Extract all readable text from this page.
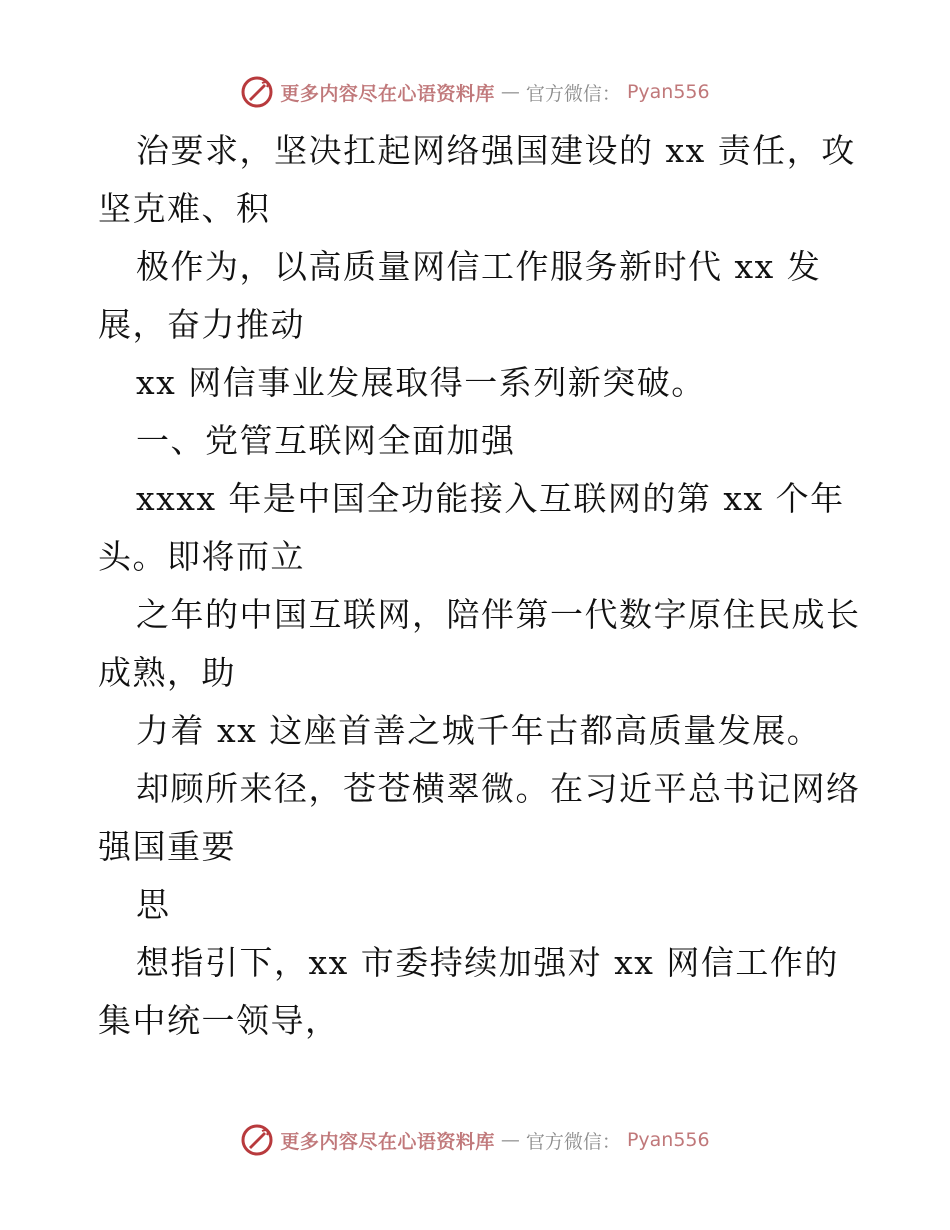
更多内容尽在心语资料库 — 官方微信： Pyan556
治要求，坚决扛起网络强国建设的 xx 责任，攻
坚克难、积
极作为，以高质量网信工作服务新时代 xx 发
展，奋力推动
xx 网信事业发展取得一系列新突破。
一、党管互联网全面加强
xxxx 年是中国全功能接入互联网的第 xx 个年
头。即将而立
之年的中国互联网，陪伴第一代数字原住民成长
成熟，助
力着 xx 这座首善之城千年古都高质量发展。
却顾所来径，苍苍横翠微。在习近平总书记网络
强国重要
思
想指引下，xx 市委持续加强对 xx 网信工作的
集中统一领导，
更多内容尽在心语资料库 — 官方微信： Pyan556
